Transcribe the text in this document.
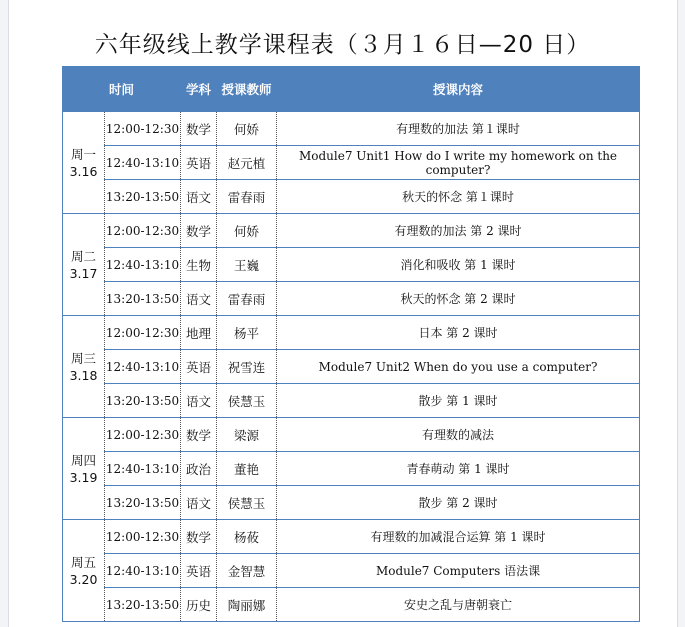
六年级线上教学课程表（３月１６日—20 日）
时间		学科	授课教师	授课内容

周一
3.16	12:00-12:30	数学	何娇	有理数的加法 第１课时
	12:40-13:10	英语	赵元植	Module7 Unit1 How do I write my homework on the computer?
	13:20-13:50	语文	雷春雨	秋天的怀念 第１课时

周二
3.17	12:00-12:30	数学	何娇	有理数的加法 第 2 课时
	12:40-13:10	生物	王巍	消化和吸收 第 1 课时
	13:20-13:50	语文	雷春雨	秋天的怀念 第 2 课时

周三
3.18	12:00-12:30	地理	杨平	日本 第 2 课时
	12:40-13:10	英语	祝雪连	Module7 Unit2 When do you use a computer?
	13:20-13:50	语文	侯慧玉	散步 第 1 课时

周四
3.19	12:00-12:30	数学	梁源	有理数的减法
	12:40-13:10	政治	董艳	青春萌动 第 1 课时
	13:20-13:50	语文	侯慧玉	散步 第 2 课时

周五
3.20	12:00-12:30	数学	杨莜	有理数的加减混合运算 第 1 课时
	12:40-13:10	英语	金智慧	Module7 Computers 语法课
	13:20-13:50	历史	陶丽娜	安史之乱与唐朝衰亡
